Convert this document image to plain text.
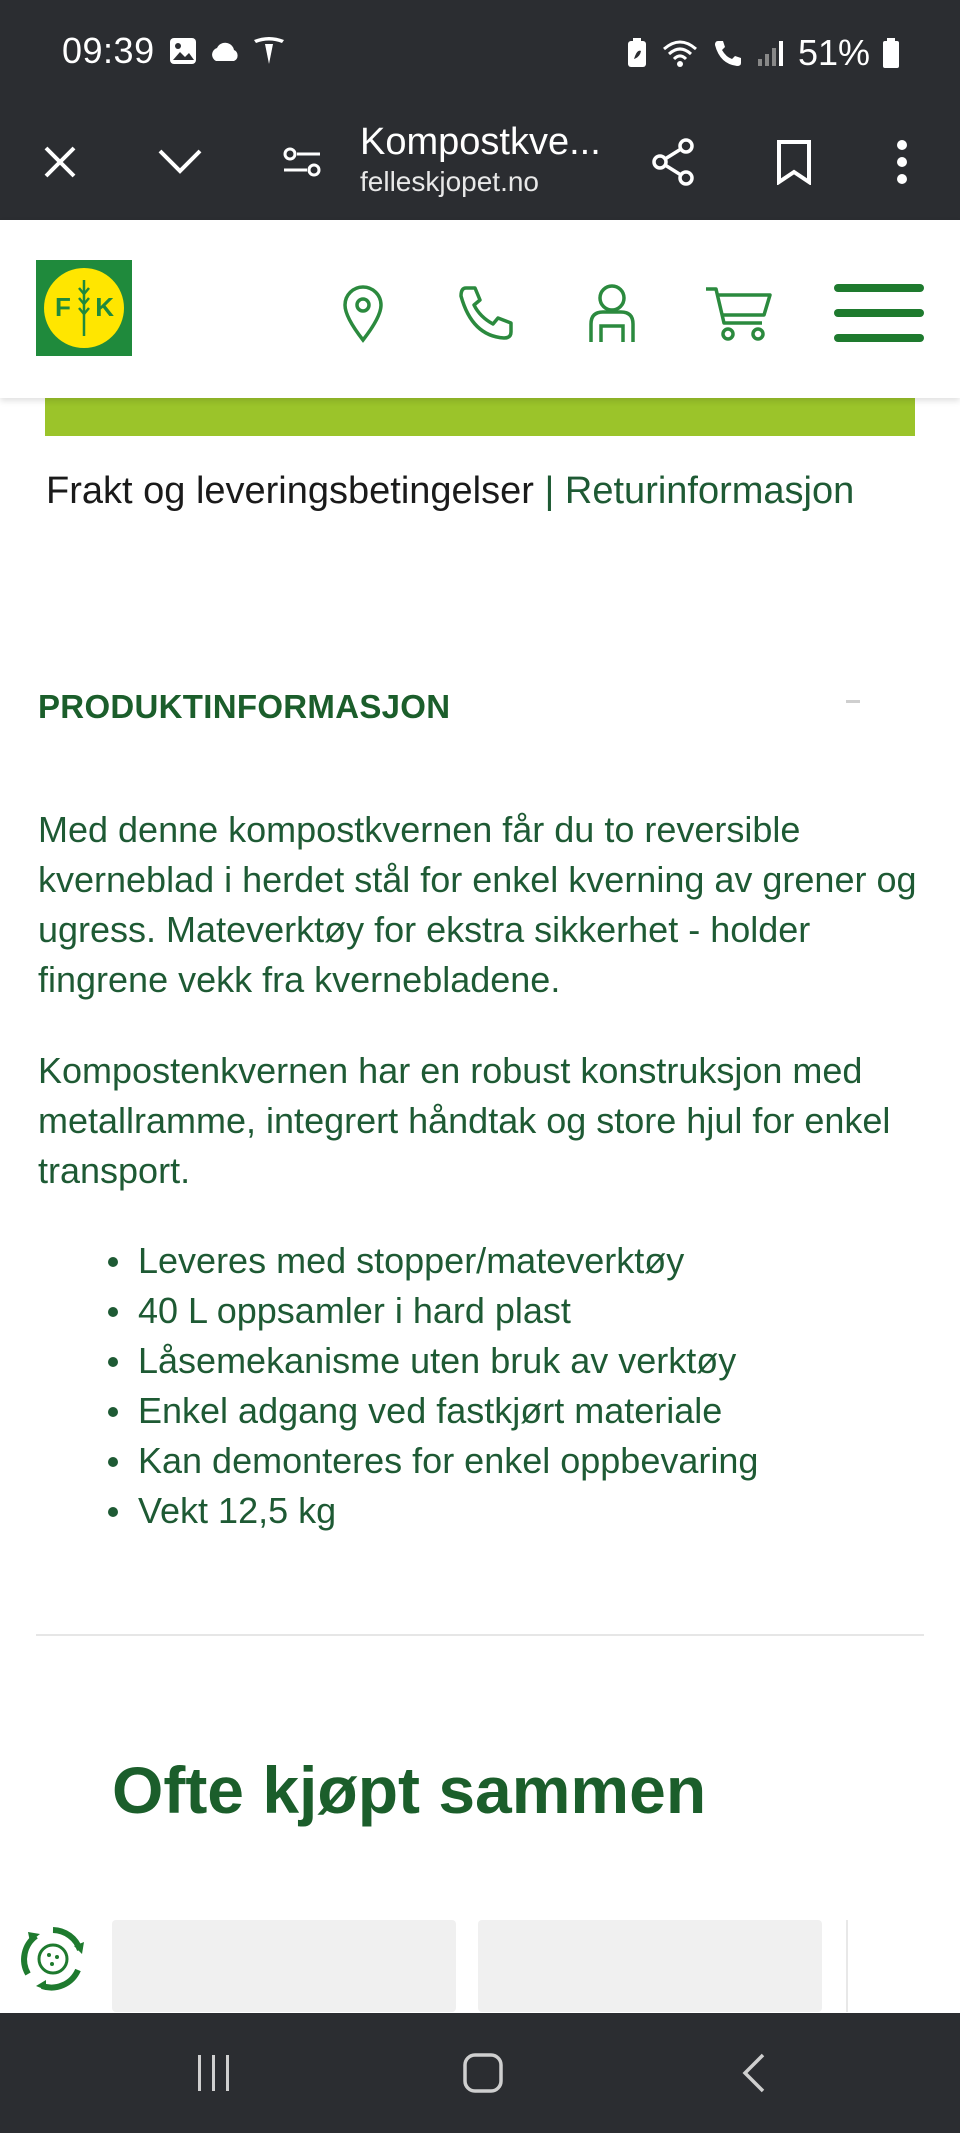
09:39	51%
Kompostkve...
felleskjopet.no
F K
Frakt og leveringsbetingelser | Returinformasjon
PRODUKTINFORMASJON
Med denne kompostkvernen får du to reversible kverneblad i herdet stål for enkel kverning av grener og ugress. Mateverktøy for ekstra sikkerhet - holder fingrene vekk fra kvernebladene.
Kompostenkvernen har en robust konstruksjon med metallramme, integrert håndtak og store hjul for enkel transport.
Leveres med stopper/mateverktøy
40 L oppsamler i hard plast
Låsemekanisme uten bruk av verktøy
Enkel adgang ved fastkjørt materiale
Kan demonteres for enkel oppbevaring
Vekt 12,5 kg
Ofte kjøpt sammen
